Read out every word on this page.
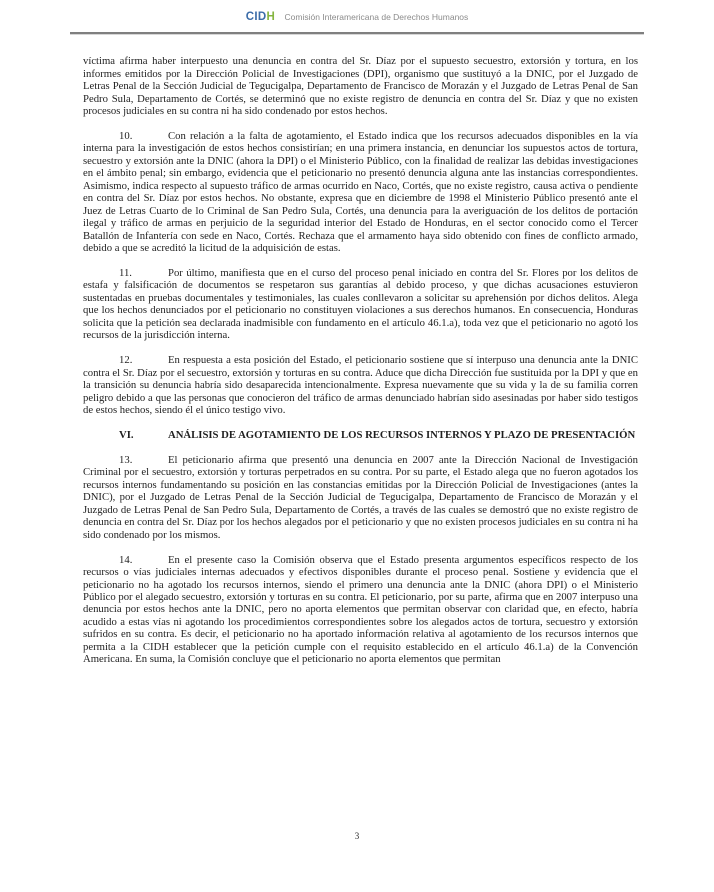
CIDH Comisión Interamericana de Derechos Humanos

víctima afirma haber interpuesto una denuncia en contra del Sr. Díaz por el supuesto secuestro, extorsión y tortura, en los informes emitidos por la Dirección Policial de Investigaciones (DPI), organismo que sustituyó a la DNIC, por el Juzgado de Letras Penal de la Sección Judicial de Tegucigalpa, Departamento de Francisco de Morazán y el Juzgado de Letras Penal de San Pedro Sula, Departamento de Cortés, se determinó que no existe registro de denuncia en contra del Sr. Díaz y que no existen procesos judiciales en su contra ni ha sido condenado por estos hechos.

10.	Con relación a la falta de agotamiento, el Estado indica que los recursos adecuados disponibles en la vía interna para la investigación de estos hechos consistirían; en una primera instancia, en denunciar los supuestos actos de tortura, secuestro y extorsión ante la DNIC (ahora la DPI) o el Ministerio Público, con la finalidad de realizar las debidas investigaciones en el ámbito penal; sin embargo, evidencia que el peticionario no presentó denuncia alguna ante las instancias correspondientes. Asimismo, indica respecto al supuesto tráfico de armas ocurrido en Naco, Cortés, que no existe registro, causa activa o pendiente en contra del Sr. Díaz por estos hechos. No obstante, expresa que en diciembre de 1998 el Ministerio Público presentó ante el Juez de Letras Cuarto de lo Criminal de San Pedro Sula, Cortés, una denuncia para la averiguación de los delitos de portación ilegal y tráfico de armas en perjuicio de la seguridad interior del Estado de Honduras, en el sector conocido como el Tercer Batallón de Infantería con sede en Naco, Cortés. Rechaza que el armamento haya sido obtenido con fines de conflicto armado, debido a que se acreditó la licitud de la adquisición de estas.

11.	Por último, manifiesta que en el curso del proceso penal iniciado en contra del Sr. Flores por los delitos de estafa y falsificación de documentos se respetaron sus garantías al debido proceso, y que dichas acusaciones estuvieron sustentadas en pruebas documentales y testimoniales, las cuales conllevaron a solicitar su aprehensión por dichos delitos. Alega que los hechos denunciados por el peticionario no constituyen violaciones a sus derechos humanos. En consecuencia, Honduras solicita que la petición sea declarada inadmisible con fundamento en el artículo 46.1.a), toda vez que el peticionario no agotó los recursos de la jurisdicción interna.

12.	En respuesta a esta posición del Estado, el peticionario sostiene que sí interpuso una denuncia ante la DNIC contra el Sr. Díaz por el secuestro, extorsión y torturas en su contra. Aduce que dicha Dirección fue sustituida por la DPI y que en la transición su denuncia habría sido desaparecida intencionalmente. Expresa nuevamente que su vida y la de su familia corren peligro debido a que las personas que conocieron del tráfico de armas denunciado habrían sido asesinadas por haber sido testigos de estos hechos, siendo él el único testigo vivo.

VI.	ANÁLISIS DE AGOTAMIENTO DE LOS RECURSOS INTERNOS Y PLAZO DE PRESENTACIÓN

13.	El peticionario afirma que presentó una denuncia en 2007 ante la Dirección Nacional de Investigación Criminal por el secuestro, extorsión y torturas perpetrados en su contra. Por su parte, el Estado alega que no fueron agotados los recursos internos fundamentando su posición en las constancias emitidas por la Dirección Policial de Investigaciones (antes la DNIC), por el Juzgado de Letras Penal de la Sección Judicial de Tegucigalpa, Departamento de Francisco de Morazán y el Juzgado de Letras Penal de San Pedro Sula, Departamento de Cortés, a través de las cuales se demostró que no existe registro de denuncia en contra del Sr. Díaz por los hechos alegados por el peticionario y que no existen procesos judiciales en su contra ni ha sido condenado por los mismos.

14.	En el presente caso la Comisión observa que el Estado presenta argumentos específicos respecto de los recursos o vías judiciales internas adecuados y efectivos disponibles durante el proceso penal. Sostiene y evidencia que el peticionario no ha agotado los recursos internos, siendo el primero una denuncia ante la DNIC (ahora DPI) o el Ministerio Público por el alegado secuestro, extorsión y torturas en su contra. El peticionario, por su parte, afirma que en 2007 interpuso una denuncia por estos hechos ante la DNIC, pero no aporta elementos que permitan observar con claridad que, en efecto, habría acudido a estas vías ni agotando los procedimientos correspondientes sobre los alegados actos de tortura, secuestro y extorsión sufridos en su contra. Es decir, el peticionario no ha aportado información relativa al agotamiento de los recursos internos que permita a la CIDH establecer que la petición cumple con el requisito establecido en el artículo 46.1.a) de la Convención Americana. En suma, la Comisión concluye que el peticionario no aporta elementos que permitan

3
